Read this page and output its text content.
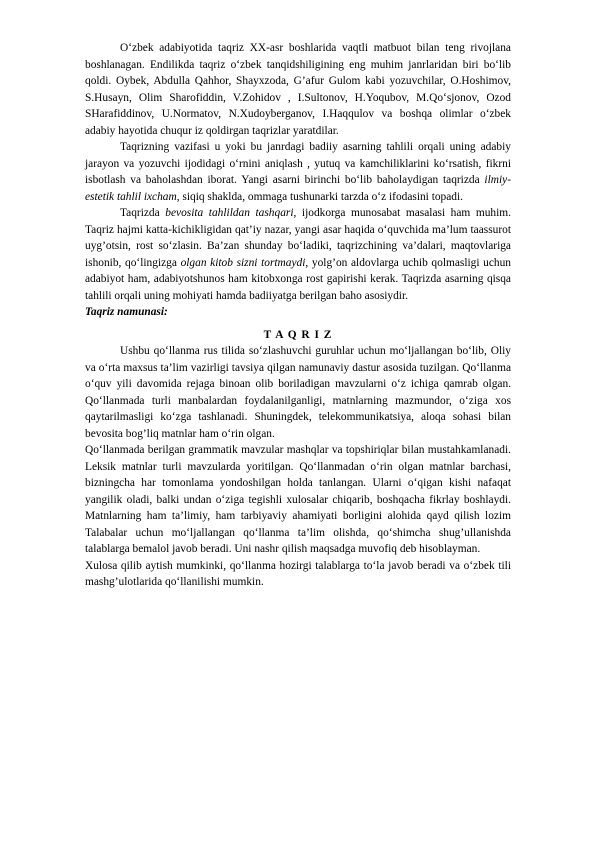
O‘zbek adabiyotida taqriz XX-asr boshlarida vaqtli matbuot bilan teng rivojlana boshlanagan. Endilikda taqriz o‘zbek tanqidshiligining eng muhim janrlaridan biri bo‘lib qoldi. Oybek, Abdulla Qahhor, Shayxzoda, G’afur Gulom kabi yozuvchilar, O.Hoshimov, S.Husayn, Olim Sharofiddin, V.Zohidov , I.Sultonov, H.Yoqubov, M.Qo‘sjonov, Ozod SHarafiddinov, U.Normatov, N.Xudoyberganov, I.Haqqulov va boshqa olimlar o‘zbek adabiy hayotida chuqur iz qoldirgan taqrizlar yaratdilar.

Taqrizning vazifasi u yoki bu janrdagi badiiy asarning tahlili orqali uning adabiy jarayon va yozuvchi ijodidagi o‘rnini aniqlash , yutuq va kamchiliklarini ko‘rsatish, fikrni isbotlash va baholashdan iborat. Yangi asarni birinchi bo‘lib baholaydigan taqrizda ilmiy-estetik tahlil ixcham, siqiq shaklda, ommaga tushunarki tarzda o‘z ifodasini topadi.

Taqrizda bevosita tahlildan tashqari, ijodkorga munosabat masalasi ham muhim. Taqriz hajmi katta-kichikligidan qat’iy nazar, yangi asar haqida o‘quvchida ma’lum taassurot uyg’otsin, rost so‘zlasin. Ba’zan shunday bo‘ladiki, taqrizchining va’dalari, maqtovlariga ishonib, qo‘lingizga olgan kitob sizni tortmaydi, yolg’on aldovlarga uchib qolmasligi uchun adabiyot ham, adabiyotshunos ham kitobxonga rost gapirishi kerak. Taqrizda asarning qisqa tahlili orqali uning mohiyati hamda badiiyatga berilgan baho asosiydir.

Taqriz namunasi:

T A Q R I Z

Ushbu qo‘llanma rus tilida so‘zlashuvchi guruhlar uchun mo‘ljallangan bo‘lib, Oliy va o‘rta maxsus ta’lim vazirligi tavsiya qilgan namunaviy dastur asosida tuzilgan. Qo‘llanma o‘quv yili davomida rejaga binoan olib boriladigan mavzularni o‘z ichiga qamrab olgan. Qo‘llanmada turli manbalardan foydalanilganligi, matnlarning mazmundor, o‘ziga xos qaytarilmasligi ko‘zga tashlanadi. Shuningdek, telekommunikatsiya, aloqa sohasi bilan bevosita bog’liq matnlar ham o‘rin olgan.

Qo‘llanmada berilgan grammatik mavzular mashqlar va topshiriqlar bilan mustahkamlanadi. Leksik matnlar turli mavzularda yoritilgan. Qo‘llanmadan o‘rin olgan matnlar barchasi, bizningcha har tomonlama yondoshilgan holda tanlangan. Ularni o‘qigan kishi nafaqat yangilik oladi, balki undan o‘ziga tegishli xulosalar chiqarib, boshqacha fikrlay boshlaydi. Matnlarning ham ta’limiy, ham tarbiyaviy ahamiyati borligini alohida qayd qilish lozim Talabalar uchun mo‘ljallangan qo‘llanma ta’lim olishda, qo‘shimcha shug’ullanishda talablarga bemalol javob beradi. Uni nashr qilish maqsadga muvofiq deb hisoblayman.

Xulosa qilib aytish mumkinki, qo‘llanma hozirgi talablarga to‘la javob beradi va o‘zbek tili mashg’ulotlarida qo‘llanilishi mumkin.
